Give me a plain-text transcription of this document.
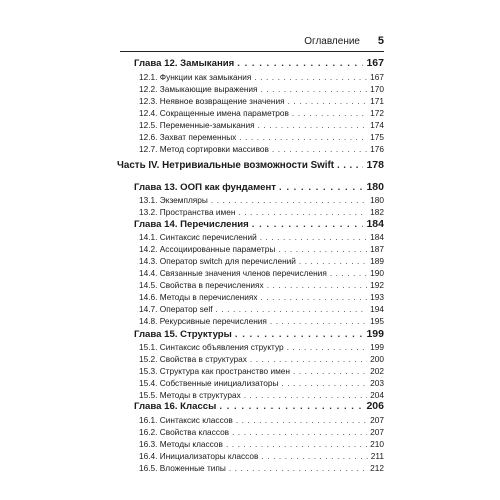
Оглавление 5
Глава 12. Замыкания . . .	167
12.1. Функции как замыкания . . .	167
12.2. Замыкающие выражения . . .	170
12.3. Неявное возвращение значения . . .	171
12.4. Сокращенные имена параметров . . .	172
12.5. Переменные-замыкания . . .	174
12.6. Захват переменных . . .	175
12.7. Метод сортировки массивов . . .	176
Часть IV. Нетривиальные возможности Swift . . .	178
Глава 13. ООП как фундамент . . .	180
13.1. Экземпляры . . .	180
13.2. Пространства имен . . .	182
Глава 14. Перечисления . . .	184
14.1. Синтаксис перечислений . . .	184
14.2. Ассоциированные параметры . . .	187
14.3. Оператор switch для перечислений . . .	189
14.4. Связанные значения членов перечисления . . .	190
14.5. Свойства в перечислениях . . .	192
14.6. Методы в перечислениях . . .	193
14.7. Оператор self . . .	194
14.8. Рекурсивные перечисления . . .	195
Глава 15. Структуры . . .	199
15.1. Синтаксис объявления структур . . .	199
15.2. Свойства в структурах . . .	200
15.3. Структура как пространство имен . . .	202
15.4. Собственные инициализаторы . . .	203
15.5. Методы в структурах . . .	204
Глава 16. Классы . . .	206
16.1. Синтаксис классов . . .	207
16.2. Свойства классов . . .	207
16.3. Методы классов . . .	210
16.4. Инициализаторы классов . . .	211
16.5. Вложенные типы . . .	212
